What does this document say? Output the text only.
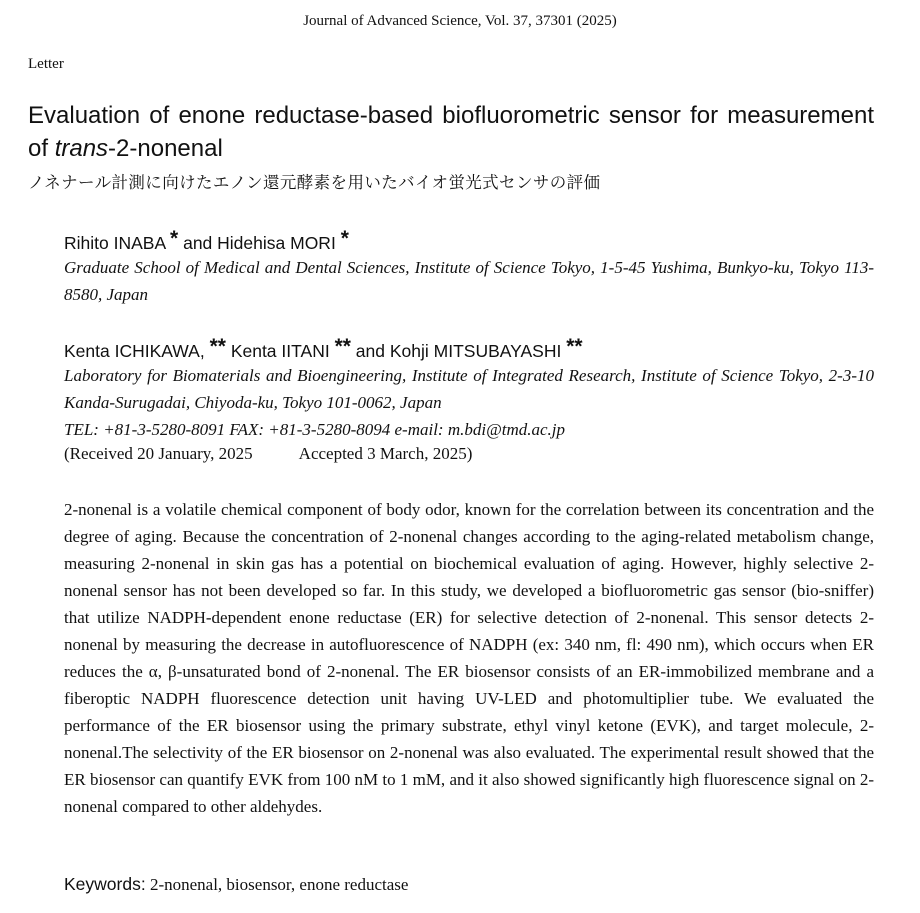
Journal of Advanced Science, Vol. 37, 37301 (2025)
Letter
Evaluation of enone reductase-based biofluorometric sensor for measurement of trans-2-nonenal
ノネナール計測に向けたエノン還元酵素を用いたバイオ蛍光式センサの評価
Rihito INABA * and Hidehisa MORI *
Graduate School of Medical and Dental Sciences, Institute of Science Tokyo, 1-5-45 Yushima, Bunkyo-ku, Tokyo 113-8580, Japan
Kenta ICHIKAWA, ** Kenta IITANI ** and Kohji MITSUBAYASHI **
Laboratory for Biomaterials and Bioengineering, Institute of Integrated Research, Institute of Science Tokyo, 2-3-10 Kanda-Surugadai, Chiyoda-ku, Tokyo 101-0062, Japan
TEL: +81-3-5280-8091 FAX: +81-3-5280-8094 e-mail: m.bdi@tmd.ac.jp
(Received 20 January, 2025	Accepted 3 March, 2025)
2-nonenal is a volatile chemical component of body odor, known for the correlation between its concentration and the degree of aging. Because the concentration of 2-nonenal changes according to the aging-related metabolism change, measuring 2-nonenal in skin gas has a potential on biochemical evaluation of aging. However, highly selective 2-nonenal sensor has not been developed so far. In this study, we developed a biofluorometric gas sensor (bio-sniffer) that utilize NADPH-dependent enone reductase (ER) for selective detection of 2-nonenal. This sensor detects 2-nonenal by measuring the decrease in autofluorescence of NADPH (ex: 340 nm, fl: 490 nm), which occurs when ER reduces the α, β-unsaturated bond of 2-nonenal. The ER biosensor consists of an ER-immobilized membrane and a fiberoptic NADPH fluorescence detection unit having UV-LED and photomultiplier tube. We evaluated the performance of the ER biosensor using the primary substrate, ethyl vinyl ketone (EVK), and target molecule, 2-nonenal.The selectivity of the ER biosensor on 2-nonenal was also evaluated. The experimental result showed that the ER biosensor can quantify EVK from 100 nM to 1 mM, and it also showed significantly high fluorescence signal on 2-nonenal compared to other aldehydes.
Keywords: 2-nonenal, biosensor, enone reductase
